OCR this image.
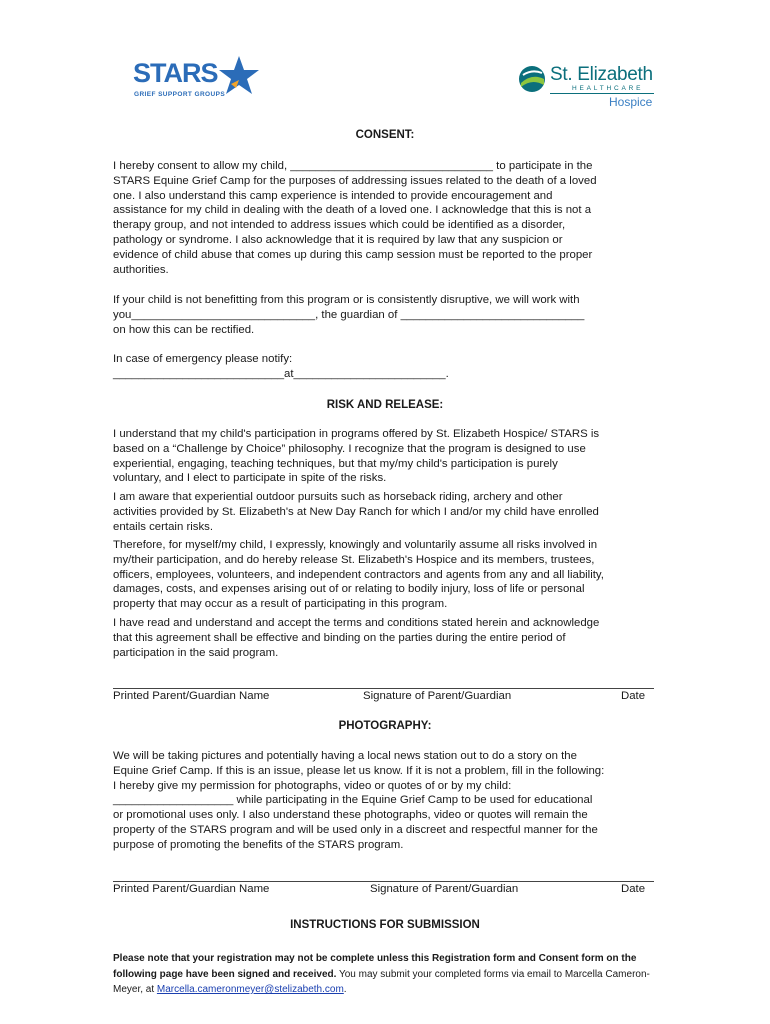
STARS
GRIEF SUPPORT GROUPS
St. Elizabeth
HEALTHCARE
Hospice
CONSENT:
I hereby consent to allow my child, ________________________________ to participate in the
STARS Equine Grief Camp for the purposes of addressing issues related to the death of a loved
one. I also understand this camp experience is intended to provide encouragement and
assistance for my child in dealing with the death of a loved one. I acknowledge that this is not a
therapy group, and not intended to address issues which could be identified as a disorder,
pathology or syndrome. I also acknowledge that it is required by law that any suspicion or
evidence of child abuse that comes up during this camp session must be reported to the proper
authorities.
If your child is not benefitting from this program or is consistently disruptive, we will work with
you_____________________________, the guardian of _____________________________
on how this can be rectified.
In case of emergency please notify:
___________________________at________________________.
RISK AND RELEASE:
I understand that my child's participation in programs offered by St. Elizabeth Hospice/ STARS is
based on a “Challenge by Choice” philosophy. I recognize that the program is designed to use
experiential, engaging, teaching techniques, but that my/my child's participation is purely
voluntary, and I elect to participate in spite of the risks.
I am aware that experiential outdoor pursuits such as horseback riding, archery and other
activities provided by St. Elizabeth's at New Day Ranch for which I and/or my child have enrolled
entails certain risks.
Therefore, for myself/my child, I expressly, knowingly and voluntarily assume all risks involved in
my/their participation, and do hereby release St. Elizabeth's Hospice and its members, trustees,
officers, employees, volunteers, and independent contractors and agents from any and all liability,
damages, costs, and expenses arising out of or relating to bodily injury, loss of life or personal
property that may occur as a result of participating in this program.
I have read and understand and accept the terms and conditions stated herein and acknowledge
that this agreement shall be effective and binding on the parties during the entire period of
participation in the said program.
Printed Parent/Guardian Name	Signature of Parent/Guardian	Date
PHOTOGRAPHY:
We will be taking pictures and potentially having a local news station out to do a story on the
Equine Grief Camp. If this is an issue, please let us know. If it is not a problem, fill in the following:
I hereby give my permission for photographs, video or quotes of or by my child:
___________________ while participating in the Equine Grief Camp to be used for educational
or promotional uses only. I also understand these photographs, video or quotes will remain the
property of the STARS program and will be used only in a discreet and respectful manner for the
purpose of promoting the benefits of the STARS program.
Printed Parent/Guardian Name	Signature of Parent/Guardian	Date
INSTRUCTIONS FOR SUBMISSION
Please note that your registration may not be complete unless this Registration form and Consent form on the following page have been signed and received. You may submit your completed forms via email to Marcella Cameron-Meyer, at Marcella.cameronmeyer@stelizabeth.com.
